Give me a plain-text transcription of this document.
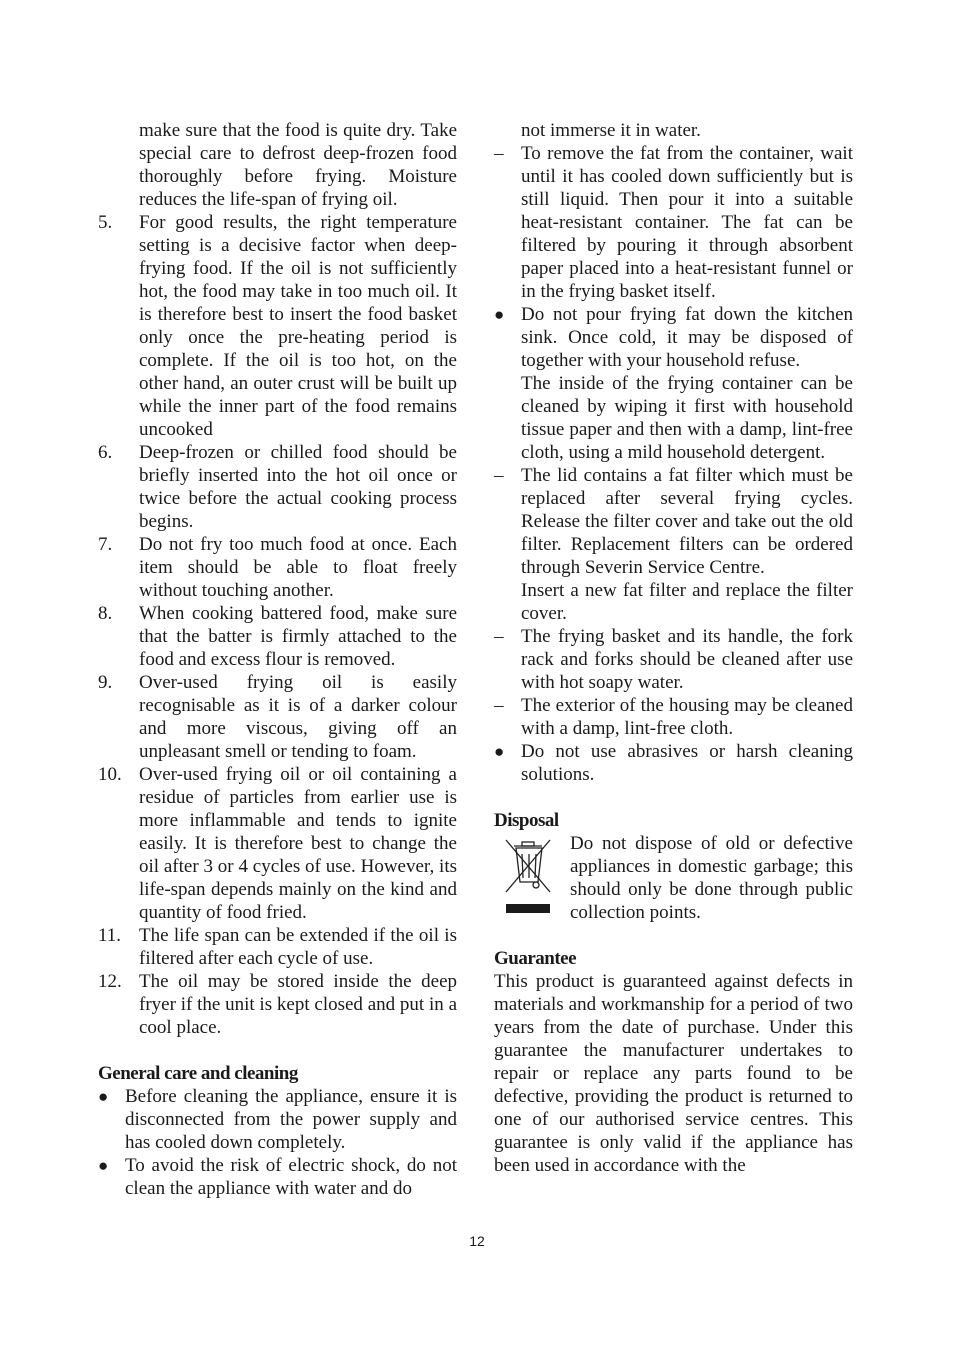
make sure that the food is quite dry. Take special care to defrost deep-frozen food thoroughly before frying. Moisture reduces the life-span of frying oil.

5. For good results, the right temperature setting is a decisive factor when deep-frying food. If the oil is not sufficiently hot, the food may take in too much oil. It is therefore best to insert the food basket only once the pre-heating period is complete. If the oil is too hot, on the other hand, an outer crust will be built up while the inner part of the food remains uncooked
6. Deep-frozen or chilled food should be briefly inserted into the hot oil once or twice before the actual cooking process begins.
7. Do not fry too much food at once. Each item should be able to float freely without touching another.
8. When cooking battered food, make sure that the batter is firmly attached to the food and excess flour is removed.
9. Over-used frying oil is easily recognisable as it is of a darker colour and more viscous, giving off an unpleasant smell or tending to foam.
10. Over-used frying oil or oil containing a residue of particles from earlier use is more inflammable and tends to ignite easily. It is therefore best to change the oil after 3 or 4 cycles of use. However, its life-span depends mainly on the kind and quantity of food fried.
11. The life span can be extended if the oil is filtered after each cycle of use.
12. The oil may be stored inside the deep fryer if the unit is kept closed and put in a cool place.

General care and cleaning

● Before cleaning the appliance, ensure it is disconnected from the power supply and has cooled down completely.
● To avoid the risk of electric shock, do not clean the appliance with water and do

not immerse it in water.

– To remove the fat from the container, wait until it has cooled down sufficiently but is still liquid. Then pour it into a suitable heat-resistant container. The fat can be filtered by pouring it through absorbent paper placed into a heat-resistant funnel or in the frying basket itself.
● Do not pour frying fat down the kitchen sink. Once cold, it may be disposed of together with your household refuse.

The inside of the frying container can be cleaned by wiping it first with household tissue paper and then with a damp, lint-free cloth, using a mild household detergent.

– The lid contains a fat filter which must be replaced after several frying cycles. Release the filter cover and take out the old filter. Replacement filters can be ordered through Severin Service Centre.

Insert a new fat filter and replace the filter cover.

– The frying basket and its handle, the fork rack and forks should be cleaned after use with hot soapy water.
– The exterior of the housing may be cleaned with a damp, lint-free cloth.
● Do not use abrasives or harsh cleaning solutions.

Disposal

Do not dispose of old or defective appliances in domestic garbage; this should only be done through public collection points.

Guarantee

This product is guaranteed against defects in materials and workmanship for a period of two years from the date of purchase. Under this guarantee the manufacturer undertakes to repair or replace any parts found to be defective, providing the product is returned to one of our authorised service centres. This guarantee is only valid if the appliance has been used in accordance with the

12
